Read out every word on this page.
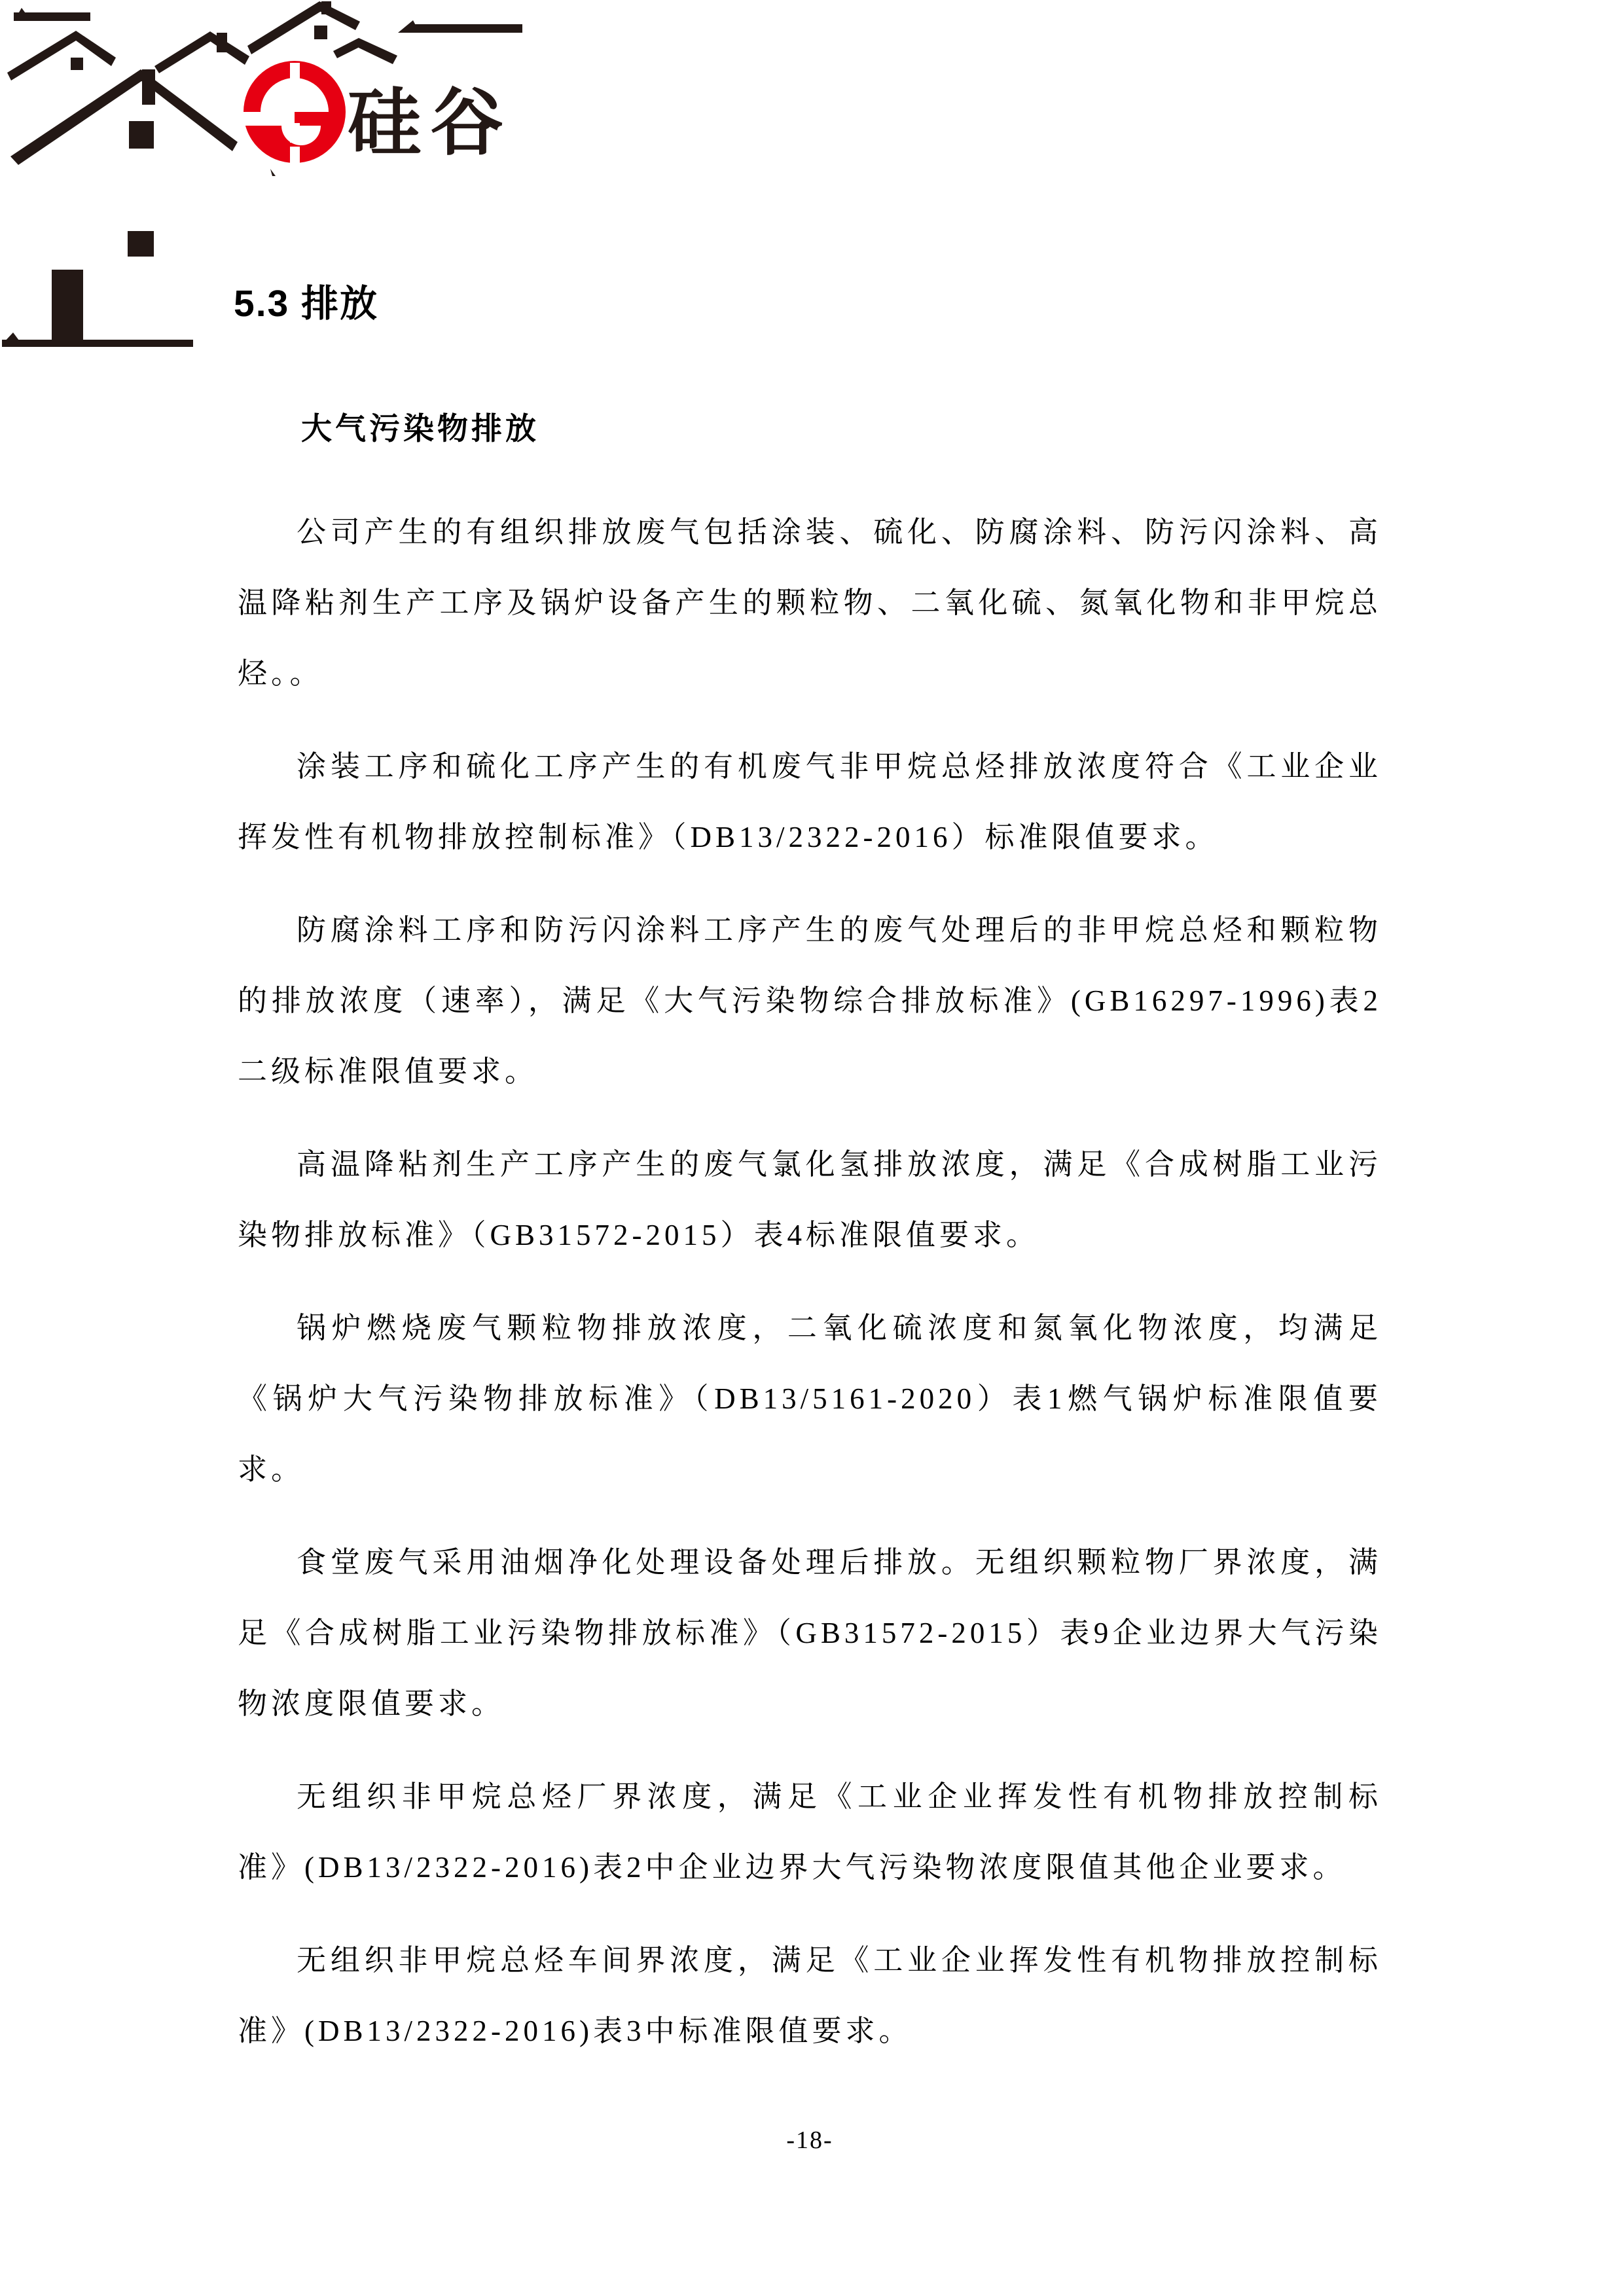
硅谷
5.3 排放
大气污染物排放

公司产生的有组织排放废气包括涂装、硫化、防腐涂料、防污闪涂料、高温降粘剂生产工序及锅炉设备产生的颗粒物、二氧化硫、氮氧化物和非甲烷总烃。。

涂装工序和硫化工序产生的有机废气非甲烷总烃排放浓度符合《工业企业挥发性有机物排放控制标准》（DB13/2322-2016）标准限值要求。

防腐涂料工序和防污闪涂料工序产生的废气处理后的非甲烷总烃和颗粒物的排放浓度（速率），满足《大气污染物综合排放标准》(GB16297-1996)表2二级标准限值要求。

高温降粘剂生产工序产生的废气氯化氢排放浓度，满足《合成树脂工业污染物排放标准》（GB31572-2015）表4标准限值要求。

锅炉燃烧废气颗粒物排放浓度，二氧化硫浓度和氮氧化物浓度，均满足《锅炉大气污染物排放标准》（DB13/5161-2020）表1燃气锅炉标准限值要求。

食堂废气采用油烟净化处理设备处理后排放。无组织颗粒物厂界浓度，满足《合成树脂工业污染物排放标准》（GB31572-2015）表9企业边界大气污染物浓度限值要求。

无组织非甲烷总烃厂界浓度，满足《工业企业挥发性有机物排放控制标准》(DB13/2322-2016)表2中企业边界大气污染物浓度限值其他企业要求。

无组织非甲烷总烃车间界浓度，满足《工业企业挥发性有机物排放控制标准》(DB13/2322-2016)表3中标准限值要求。

-18-
